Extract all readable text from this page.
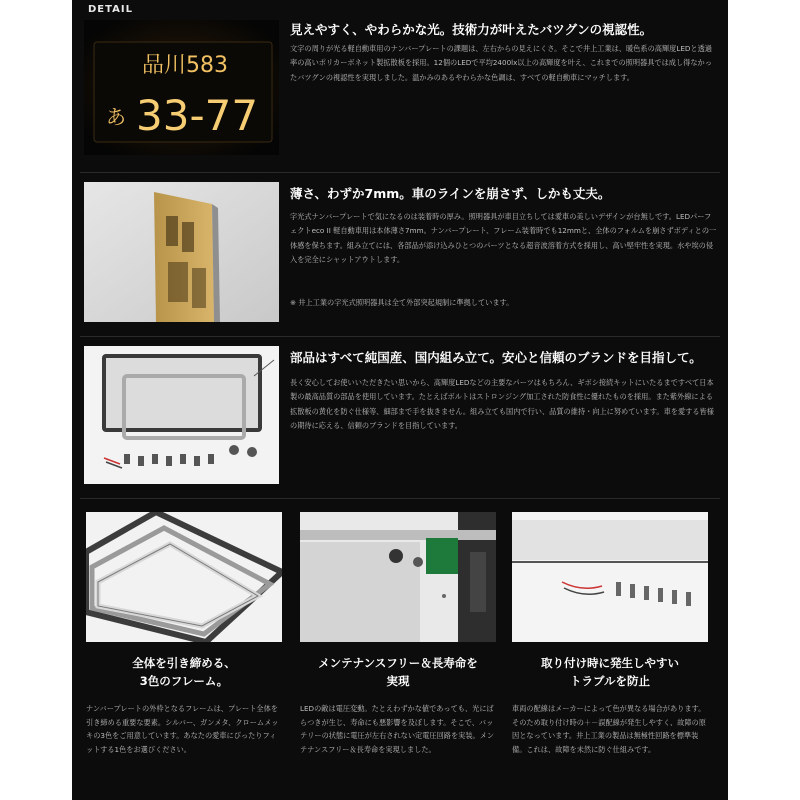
DETAIL
品川583
あ 33-77
見えやすく、やわらかな光。技術力が叶えたバツグンの視認性。
文字の周りが光る軽自動車用のナンバープレートの課題は、左右からの見えにくさ。そこで井上工業は、暖色系の高輝度LEDと透過率の高いポリカーボネット製拡散板を採用。12個のLEDで平均2400lx以上の高輝度を叶え、これまでの照明器具では成し得なかったバツグンの視認性を実現しました。温かみのあるやわらかな色調は、すべての軽自動車にマッチします。
薄さ、わずか7mm。車のラインを崩さず、しかも丈夫。
字光式ナンバープレートで気になるのは装着時の厚み。照明器具が車目立ちしては愛車の美しいデザインが台無しです。LEDパーフェクトeco II 軽自動車用は本体薄さ7mm。ナンバープレート、フレーム装着時でも12mmと、全体のフォルムを崩さずボディとの一体感を保ちます。組み立てには、各部品が添け込みひとつのパーツとなる超音波溶着方式を採用し、高い堅牢性を実現。水や埃の侵入を完全にシャットアウトします。
※ 井上工業の字光式照明器具は全て外部突起規制に準拠しています。
部品はすべて純国産、国内組み立て。安心と信頼のブランドを目指して。
長く安心してお使いいただきたい思いから、高輝度LEDなどの主要なパーツはもちろん、ギボシ接続キットにいたるまですべて日本製の最高品質の部品を使用しています。たとえばボルトはストロンジング加工された防食性に優れたものを採用。また紫外線による拡散板の黄化を防ぐ仕様等、細部まで手を抜きません。組み立ても国内で行い、品質の維持・向上に努めています。車を愛する皆様の期待に応える、信頼のブランドを目指しています。
全体を引き締める、
3色のフレーム。
ナンバープレートの外枠となるフレームは、プレート全体を引き締める重要な要素。シルバー、ガンメタ、クロームメッキの3色をご用意しています。あなたの愛車にぴったりフィットする1色をお選びください。
メンテナンスフリー＆長寿命を
実現
LEDの敵は電圧変動。たとえわずかな値であっても、光にばらつきが生じ、寿命にも悪影響を及ぼします。そこで、バッテリーの状態に電圧が左右されない定電圧回路を実装。メンテナンスフリー＆長寿命を実現しました。
取り付け時に発生しやすい
トラブルを防止
車両の配線はメーカーによって色が異なる場合があります。そのため取り付け時の＋－誤配線が発生しやすく、故障の原因となっています。井上工業の製品は無極性回路を標準装備。これは、故障を未然に防ぐ仕組みです。
